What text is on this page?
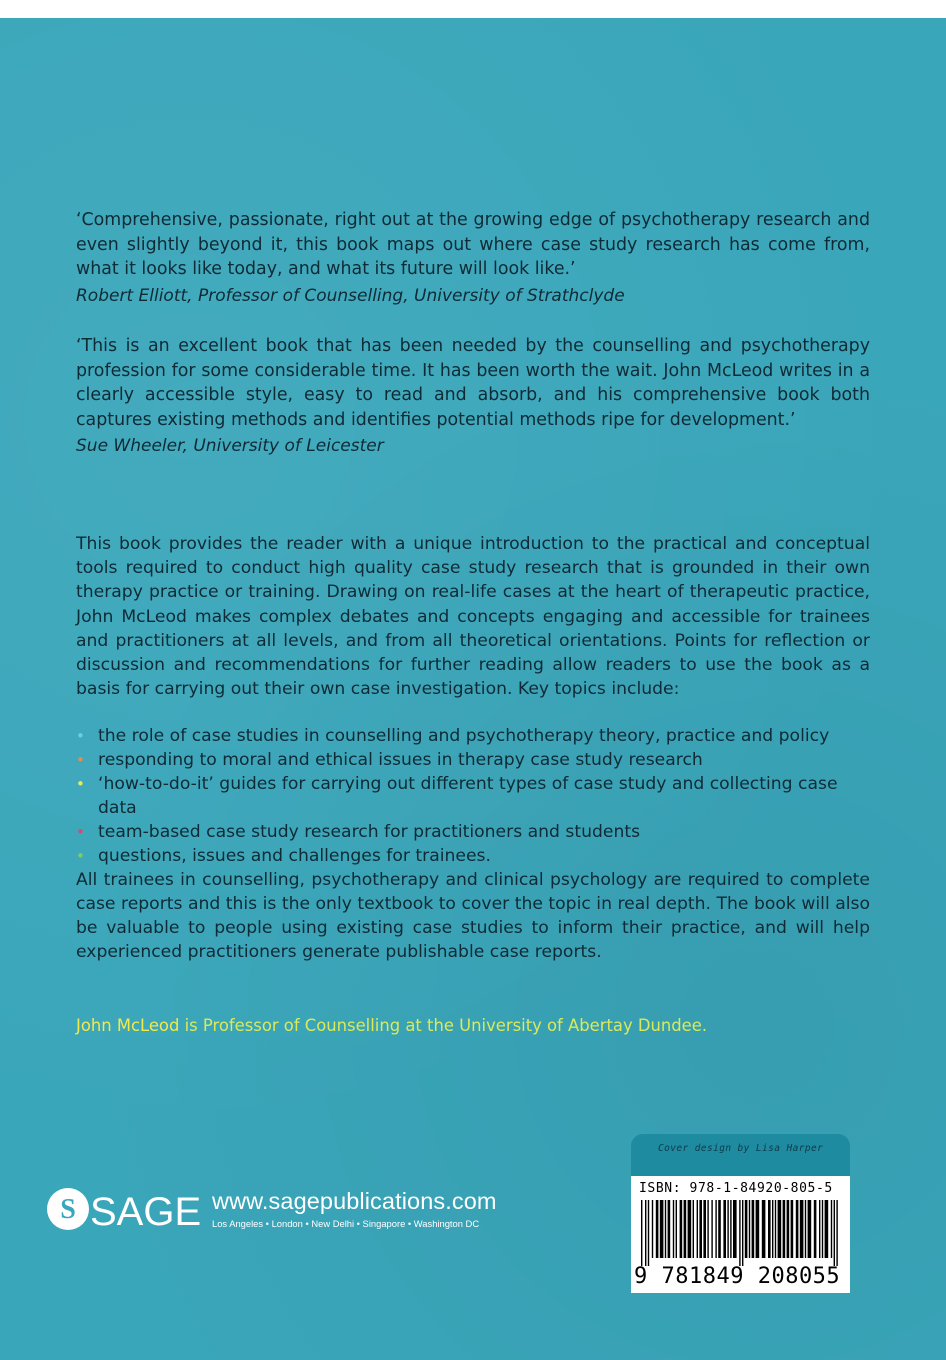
‘Comprehensive, passionate, right out at the growing edge of psychotherapy research and even slightly beyond it, this book maps out where case study research has come from, what it looks like today, and what its future will look like.’

Robert Elliott, Professor of Counselling, University of Strathclyde

‘This is an excellent book that has been needed by the counselling and psychotherapy profession for some considerable time. It has been worth the wait. John McLeod writes in a clearly accessible style, easy to read and absorb, and his comprehensive book both captures existing methods and identifies potential methods ripe for development.’

Sue Wheeler, University of Leicester

This book provides the reader with a unique introduction to the practical and conceptual tools required to conduct high quality case study research that is grounded in their own therapy practice or training. Drawing on real-life cases at the heart of therapeutic practice, John McLeod makes complex debates and concepts engaging and accessible for trainees and practitioners at all levels, and from all theoretical orientations. Points for reflection or discussion and recommendations for further reading allow readers to use the book as a basis for carrying out their own case investigation. Key topics include:

• the role of case studies in counselling and psychotherapy theory, practice and policy
• responding to moral and ethical issues in therapy case study research
• ‘how-to-do-it’ guides for carrying out different types of case study and collecting case data
• team-based case study research for practitioners and students
• questions, issues and challenges for trainees.

All trainees in counselling, psychotherapy and clinical psychology are required to complete case reports and this is the only textbook to cover the topic in real depth. The book will also be valuable to people using existing case studies to inform their practice, and will help experienced practitioners generate publishable case reports.

John McLeod is Professor of Counselling at the University of Abertay Dundee.

S SAGE www.sagepublications.com
Los Angeles • London • New Delhi • Singapore • Washington DC
Cover design by Lisa Harper
ISBN: 978-1-84920-805-5
9 781849 208055
